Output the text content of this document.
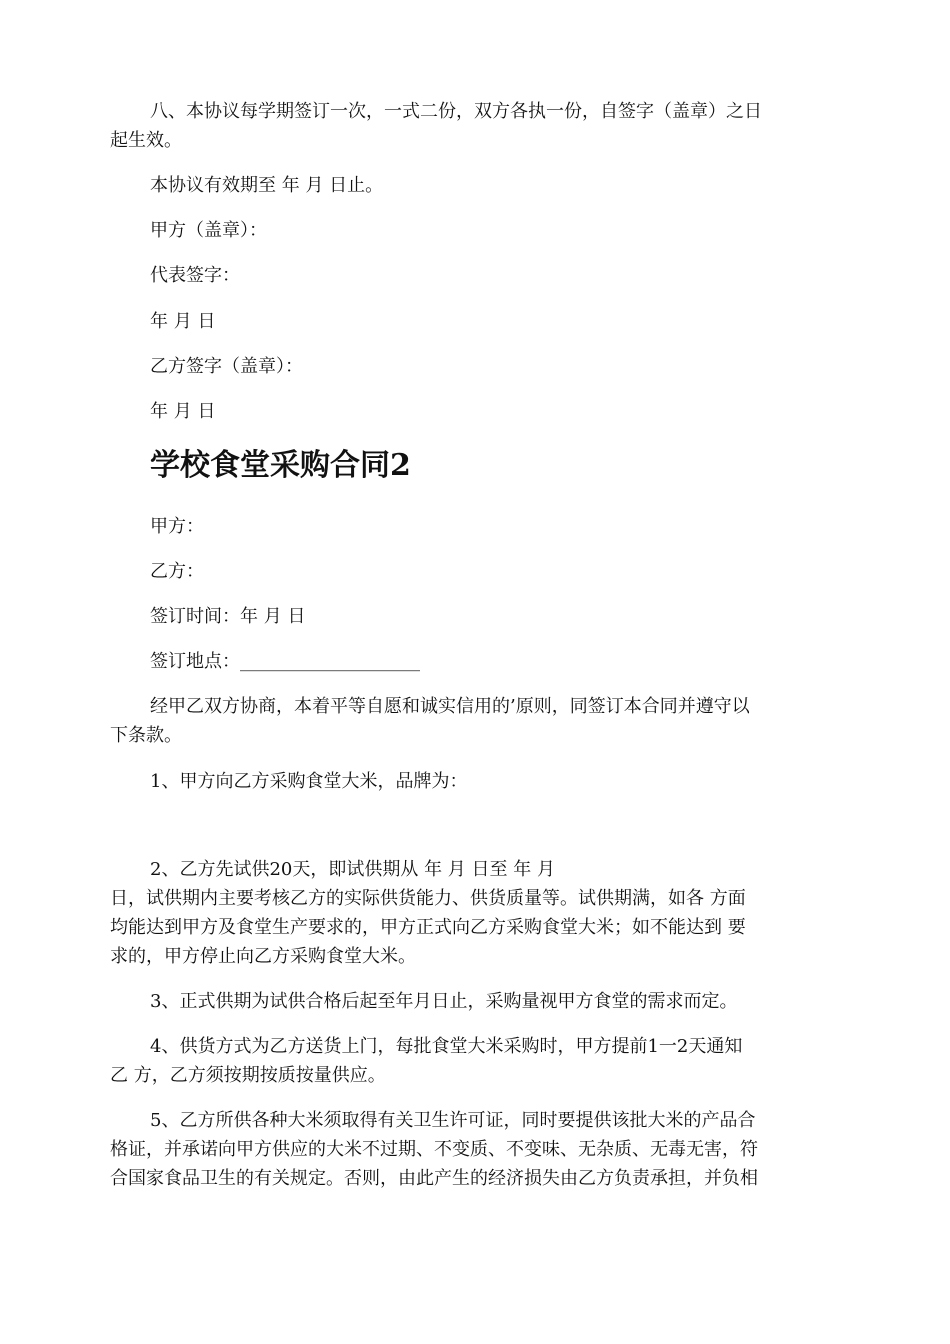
八、本协议每学期签订一次，一式二份，双方各执一份，自签字（盖章）之日

起生效。

本协议有效期至 年 月 日止。

甲方（盖章）：

代表签字：

年 月 日

乙方签字（盖章）：

年 月 日

学校食堂采购合同2

甲方：

乙方：

签订时间：年 月 日

签订地点：____________________

经甲乙双方协商，本着平等自愿和诚实信用的’原则，同签订本合同并遵守以

下条款。

1、甲方向乙方采购食堂大米，品牌为：

2、乙方先试供20天，即试供期从 年 月 日至 年 月

日，试供期内主要考核乙方的实际供货能力、供货质量等。试供期满，如各 方面

均能达到甲方及食堂生产要求的，甲方正式向乙方采购食堂大米；如不能达到 要

求的，甲方停止向乙方采购食堂大米。

3、正式供期为试供合格后起至年月日止，采购量视甲方食堂的需求而定。

4、供货方式为乙方送货上门，每批食堂大米采购时，甲方提前1一2天通知

乙 方，乙方须按期按质按量供应。

5、乙方所供各种大米须取得有关卫生许可证，同时要提供该批大米的产品合

格证，并承诺向甲方供应的大米不过期、不变质、不变味、无杂质、无毒无害，符

合国家食品卫生的有关规定。否则，由此产生的经济损失由乙方负责承担，并负相
